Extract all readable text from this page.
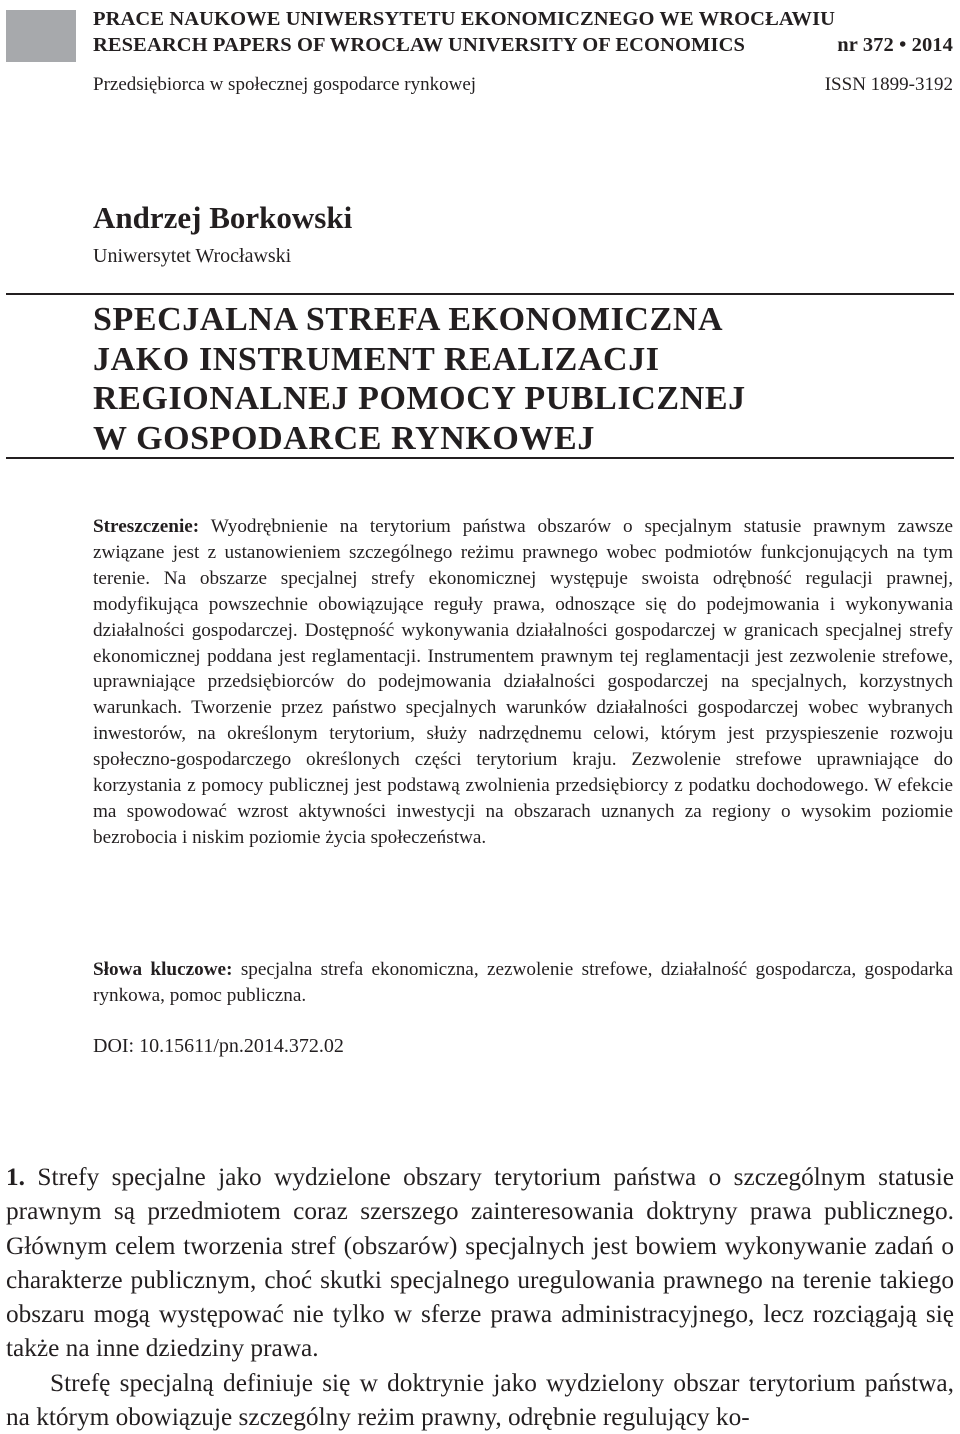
PRACE NAUKOWE UNIWERSYTETU EKONOMICZNEGO WE WROCŁAWIU
RESEARCH PAPERS OF WROCŁAW UNIVERSITY OF ECONOMICS	nr 372 • 2014
Przedsiębiorca w społecznej gospodarce rynkowej	ISSN 1899-3192
Andrzej Borkowski
Uniwersytet Wrocławski
SPECJALNA STREFA EKONOMICZNA
JAKO INSTRUMENT REALIZACJI
REGIONALNEJ POMOCY PUBLICZNEJ
W GOSPODARCE RYNKOWEJ
Streszczenie: Wyodrębnienie na terytorium państwa obszarów o specjalnym statusie prawnym zawsze związane jest z ustanowieniem szczególnego reżimu prawnego wobec podmiotów funkcjonujących na tym terenie. Na obszarze specjalnej strefy ekonomicznej występuje swoista odrębność regulacji prawnej, modyfikująca powszechnie obowiązujące reguły prawa, odnoszące się do podejmowania i wykonywania działalności gospodarczej. Dostępność wykonywania działalności gospodarczej w granicach specjalnej strefy ekonomicznej poddana jest reglamentacji. Instrumentem prawnym tej reglamentacji jest zezwolenie strefowe, uprawniające przedsiębiorców do podejmowania działalności gospodarczej na specjalnych, korzystnych warunkach. Tworzenie przez państwo specjalnych warunków działalności gospodarczej wobec wybranych inwestorów, na określonym terytorium, służy nadrzędnemu celowi, którym jest przyspieszenie rozwoju społeczno-gospodarczego określonych części terytorium kraju. Zezwolenie strefowe uprawniające do korzystania z pomocy publicznej jest podstawą zwolnienia przedsiębiorcy z podatku dochodowego. W efekcie ma spowodować wzrost aktywności inwestycji na obszarach uznanych za regiony o wysokim poziomie bezrobocia i niskim poziomie życia społeczeństwa.
Słowa kluczowe: specjalna strefa ekonomiczna, zezwolenie strefowe, działalność gospodarcza, gospodarka rynkowa, pomoc publiczna.
DOI: 10.15611/pn.2014.372.02

1. Strefy specjalne jako wydzielone obszary terytorium państwa o szczególnym statusie prawnym są przedmiotem coraz szerszego zainteresowania doktryny prawa publicznego. Głównym celem tworzenia stref (obszarów) specjalnych jest bowiem wykonywanie zadań o charakterze publicznym, choć skutki specjalnego uregulowania prawnego na terenie takiego obszaru mogą występować nie tylko w sferze prawa administracyjnego, lecz rozciągają się także na inne dziedziny prawa.

Strefę specjalną definiuje się w doktrynie jako wydzielony obszar terytorium państwa, na którym obowiązuje szczególny reżim prawny, odrębnie regulujący ko-
